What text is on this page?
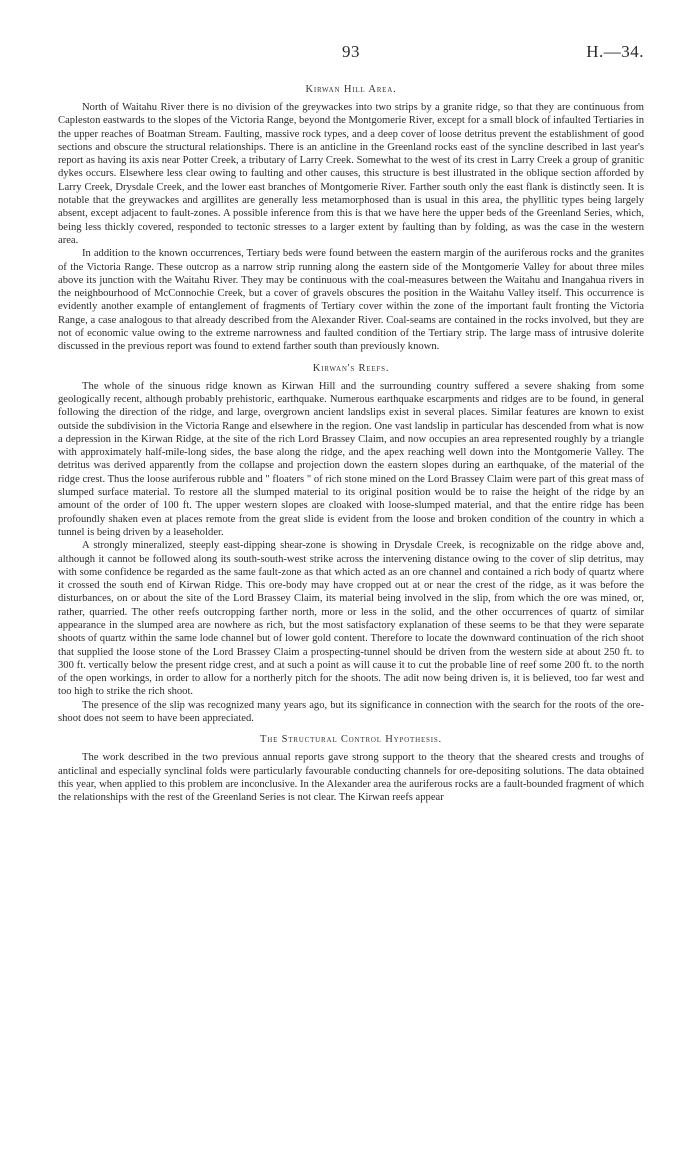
93	H.—34.
Kirwan Hill Area.

North of Waitahu River there is no division of the greywackes into two strips by a granite ridge, so that they are continuous from Capleston eastwards to the slopes of the Victoria Range, beyond the Montgomerie River, except for a small block of infaulted Tertiaries in the upper reaches of Boatman Stream. Faulting, massive rock types, and a deep cover of loose detritus prevent the establishment of good sections and obscure the structural relationships. There is an anticline in the Greenland rocks east of the syncline described in last year's report as having its axis near Potter Creek, a tributary of Larry Creek. Somewhat to the west of its crest in Larry Creek a group of granitic dykes occurs. Elsewhere less clear owing to faulting and other causes, this structure is best illustrated in the oblique section afforded by Larry Creek, Drysdale Creek, and the lower east branches of Montgomerie River. Farther south only the east flank is distinctly seen. It is notable that the greywackes and argillites are generally less metamorphosed than is usual in this area, the phyllitic types being largely absent, except adjacent to fault-zones. A possible inference from this is that we have here the upper beds of the Greenland Series, which, being less thickly covered, responded to tectonic stresses to a larger extent by faulting than by folding, as was the case in the western area.

In addition to the known occurrences, Tertiary beds were found between the eastern margin of the auriferous rocks and the granites of the Victoria Range. These outcrop as a narrow strip running along the eastern side of the Montgomerie Valley for about three miles above its junction with the Waitahu River. They may be continuous with the coal-measures between the Waitahu and Inangahua rivers in the neighbourhood of McConnochie Creek, but a cover of gravels obscures the position in the Waitahu Valley itself. This occurrence is evidently another example of entanglement of fragments of Tertiary cover within the zone of the important fault fronting the Victoria Range, a case analogous to that already described from the Alexander River. Coal-seams are contained in the rocks involved, but they are not of economic value owing to the extreme narrowness and faulted condition of the Tertiary strip. The large mass of intrusive dolerite discussed in the previous report was found to extend farther south than previously known.

Kirwan's Reefs.

The whole of the sinuous ridge known as Kirwan Hill and the surrounding country suffered a severe shaking from some geologically recent, although probably prehistoric, earthquake. Numerous earthquake escarpments and ridges are to be found, in general following the direction of the ridge, and large, overgrown ancient landslips exist in several places. Similar features are known to exist outside the subdivision in the Victoria Range and elsewhere in the region. One vast landslip in particular has descended from what is now a depression in the Kirwan Ridge, at the site of the rich Lord Brassey Claim, and now occupies an area represented roughly by a triangle with approximately half-mile-long sides, the base along the ridge, and the apex reaching well down into the Montgomerie Valley. The detritus was derived apparently from the collapse and projection down the eastern slopes during an earthquake, of the material of the ridge crest. Thus the loose auriferous rubble and " floaters " of rich stone mined on the Lord Brassey Claim were part of this great mass of slumped surface material. To restore all the slumped material to its original position would be to raise the height of the ridge by an amount of the order of 100 ft. The upper western slopes are cloaked with loose-slumped material, and that the entire ridge has been profoundly shaken even at places remote from the great slide is evident from the loose and broken condition of the country in which a tunnel is being driven by a leaseholder.

A strongly mineralized, steeply east-dipping shear-zone is showing in Drysdale Creek, is recognizable on the ridge above and, although it cannot be followed along its south-south-west strike across the intervening distance owing to the cover of slip detritus, may with some confidence be regarded as the same fault-zone as that which acted as an ore channel and contained a rich body of quartz where it crossed the south end of Kirwan Ridge. This ore-body may have cropped out at or near the crest of the ridge, as it was before the disturbances, on or about the site of the Lord Brassey Claim, its material being involved in the slip, from which the ore was mined, or, rather, quarried. The other reefs outcropping farther north, more or less in the solid, and the other occurrences of quartz of similar appearance in the slumped area are nowhere as rich, but the most satisfactory explanation of these seems to be that they were separate shoots of quartz within the same lode channel but of lower gold content. Therefore to locate the downward continuation of the rich shoot that supplied the loose stone of the Lord Brassey Claim a prospecting-tunnel should be driven from the western side at about 250 ft. to 300 ft. vertically below the present ridge crest, and at such a point as will cause it to cut the probable line of reef some 200 ft. to the north of the open workings, in order to allow for a northerly pitch for the shoots. The adit now being driven is, it is believed, too far west and too high to strike the rich shoot.

The presence of the slip was recognized many years ago, but its significance in connection with the search for the roots of the ore-shoot does not seem to have been appreciated.

The Structural Control Hypothesis.

The work described in the two previous annual reports gave strong support to the theory that the sheared crests and troughs of anticlinal and especially synclinal folds were particularly favourable conducting channels for ore-depositing solutions. The data obtained this year, when applied to this problem are inconclusive. In the Alexander area the auriferous rocks are a fault-bounded fragment of which the relationships with the rest of the Greenland Series is not clear. The Kirwan reefs appear
